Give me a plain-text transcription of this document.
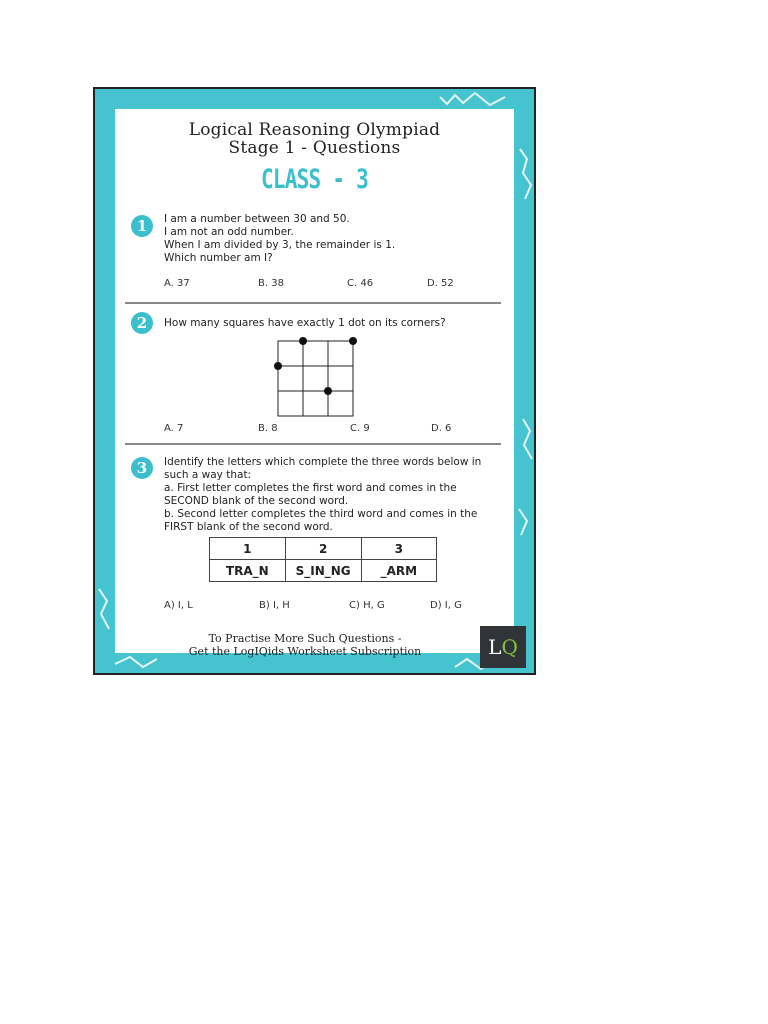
Logical Reasoning Olympiad
Stage 1 - Questions
CLASS - 3
1	I am a number between 30 and 50.
I am not an odd number.
When I am divided by 3, the remainder is 1.
Which number am I?
A. 37	B. 38	C. 46	D. 52
2	How many squares have exactly 1 dot on its corners?
A. 7	B. 8	C. 9	D. 6
3	Identify the letters which complete the three words below in
such a way that:
a. First letter completes the first word and comes in the
SECOND blank of the second word.
b. Second letter completes the third word and comes in the
FIRST blank of the second word.
1	2	3
TRA_N	S_IN_NG	_ARM
A) I, L	B) I, H	C) H, G	D) I, G
To Practise More Such Questions -
Get the LogIQids Worksheet Subscription	LQ
